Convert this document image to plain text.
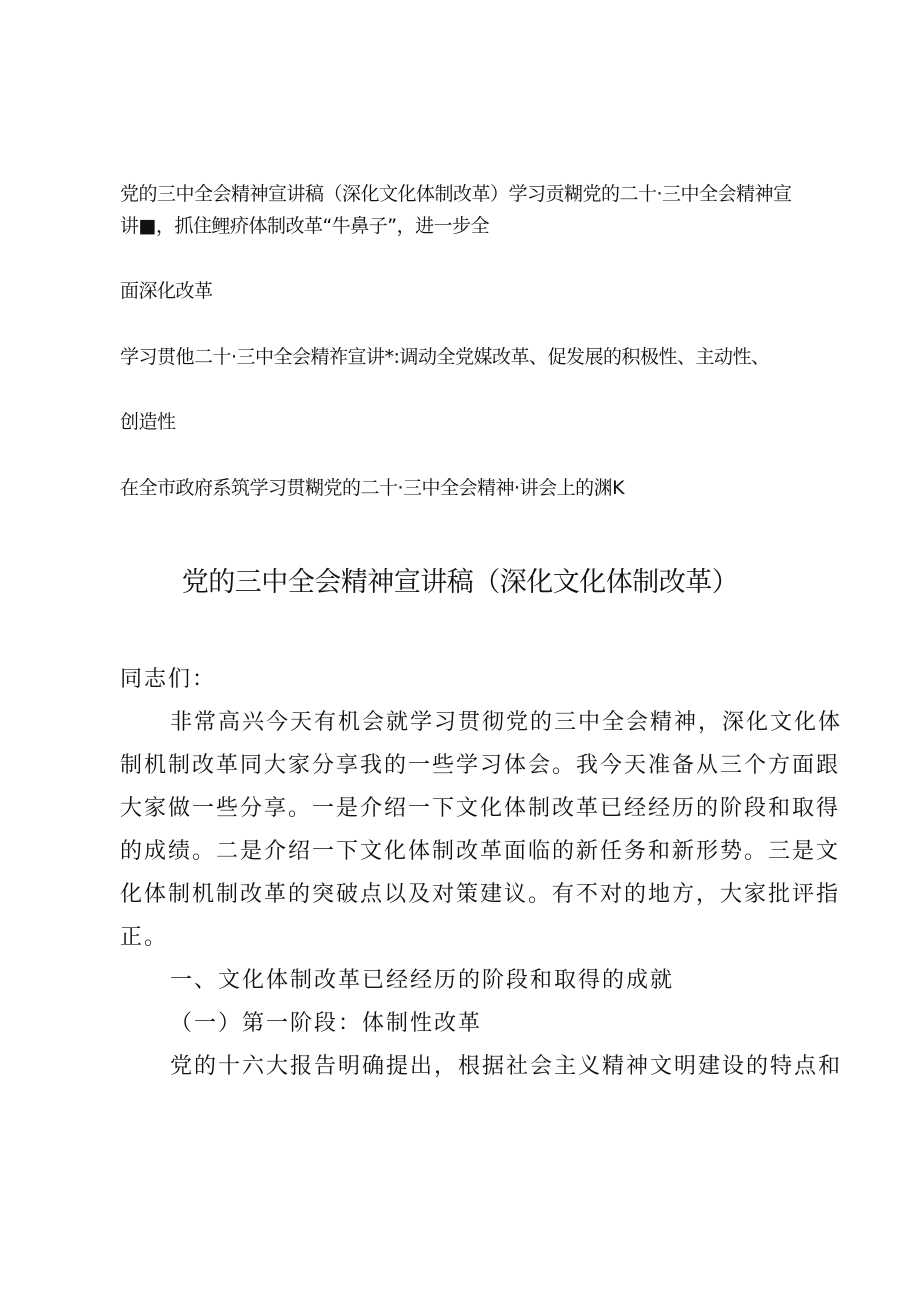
党的三中全会精神宣讲稿（深化文化体制改革）学习贡糊党的二十·三中全会精神宣
讲■，抓住鲤疥体制改革“牛鼻子”，进一步全
面深化改革
学习贯他二十·三中全会精祚宣讲*:调动全党媒改革、促发展的积极性、主动性、
创造性
在全市政府系筑学习贯糊党的二十·三中全会精神·讲会上的渊K
党的三中全会精神宣讲稿（深化文化体制改革）
同志们：
非常高兴今天有机会就学习贯彻党的三中全会精神，深化文化体
制机制改革同大家分享我的一些学习体会。我今天准备从三个方面跟
大家做一些分享。一是介绍一下文化体制改革已经经历的阶段和取得
的成绩。二是介绍一下文化体制改革面临的新任务和新形势。三是文
化体制机制改革的突破点以及对策建议。有不对的地方，大家批评指
正。
一、文化体制改革已经经历的阶段和取得的成就
（一）第一阶段：体制性改革
党的十六大报告明确提出，根据社会主义精神文明建设的特点和
